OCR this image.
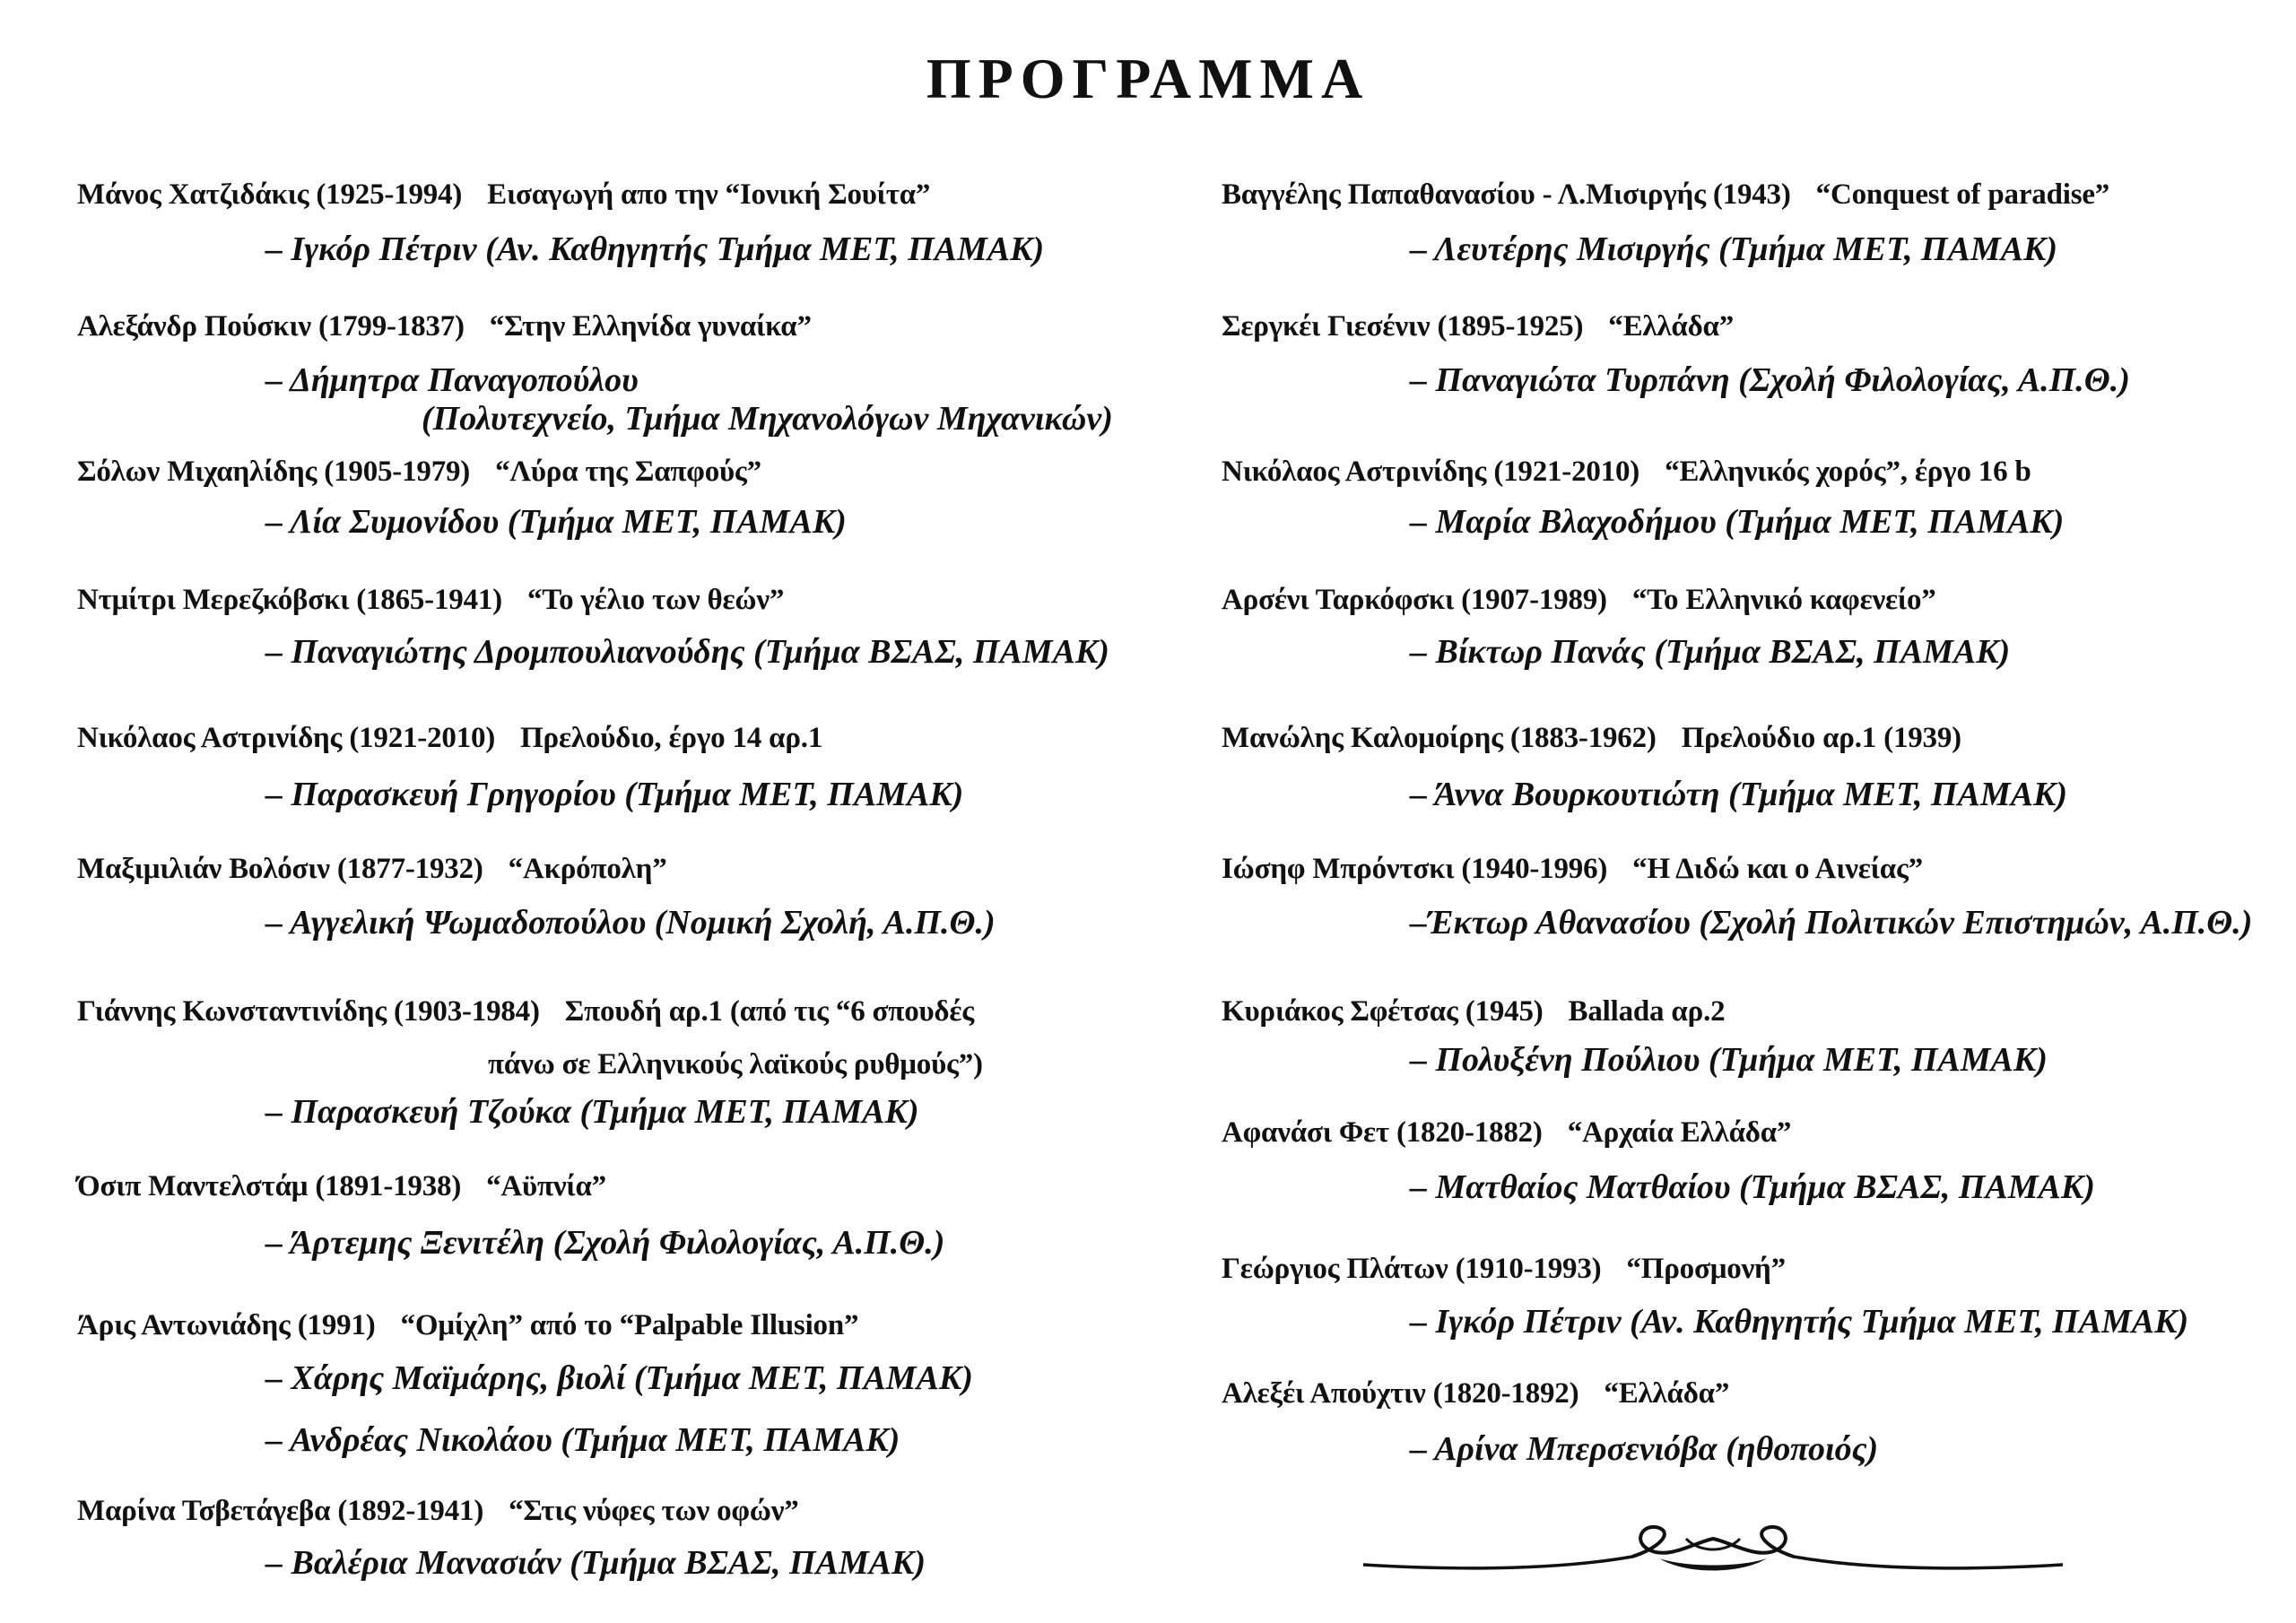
ΠΡΟΓΡΑΜΜΑ
Μάνος Χατζιδάκις (1925-1994) Εισαγωγή απο την “Ιονική Σουίτα”
– Ιγκόρ Πέτριν (Αν. Καθηγητής Τμήμα ΜΕΤ, ΠΑΜΑΚ)
Αλεξάνδρ Πούσκιν (1799-1837) “Στην Ελληνίδα γυναίκα”
– Δήμητρα Παναγοπούλου
(Πολυτεχνείο, Τμήμα Μηχανολόγων Μηχανικών)
Σόλων Μιχαηλίδης (1905-1979) “Λύρα της Σαπφούς”
– Λία Συμονίδου (Τμήμα ΜΕΤ, ΠΑΜΑΚ)
Ντμίτρι Μερεζκόβσκι (1865-1941) “Το γέλιο των θεών”
– Παναγιώτης Δρομπουλιανούδης (Τμήμα ΒΣΑΣ, ΠΑΜΑΚ)
Νικόλαος Αστρινίδης (1921-2010) Πρελούδιο, έργο 14 αρ.1
– Παρασκευή Γρηγορίου (Τμήμα ΜΕΤ, ΠΑΜΑΚ)
Μαξιμιλιάν Βολόσιν (1877-1932) “Ακρόπολη”
– Αγγελική Ψωμαδοπούλου (Νομική Σχολή, Α.Π.Θ.)
Γιάννης Κωνσταντινίδης (1903-1984) Σπουδή αρ.1 (από τις “6 σπουδές
πάνω σε Ελληνικούς λαϊκούς ρυθμούς”)
– Παρασκευή Τζούκα (Τμήμα ΜΕΤ, ΠΑΜΑΚ)
Όσιπ Μαντελστάμ (1891-1938) “Αϋπνία”
– Άρτεμης Ξενιτέλη (Σχολή Φιλολογίας, Α.Π.Θ.)
Άρις Αντωνιάδης (1991) “Ομίχλη” από το “Palpable Illusion”
– Χάρης Μαϊμάρης, βιολί (Τμήμα ΜΕΤ, ΠΑΜΑΚ)
– Ανδρέας Νικολάου (Τμήμα ΜΕΤ, ΠΑΜΑΚ)
Μαρίνα Τσβετάγεβα (1892-1941) “Στις νύφες των οφών”
– Βαλέρια Μανασιάν (Τμήμα ΒΣΑΣ, ΠΑΜΑΚ)
Βαγγέλης Παπαθανασίου - Λ.Μισιργής (1943) “Conquest of paradise”
– Λευτέρης Μισιργής (Τμήμα ΜΕΤ, ΠΑΜΑΚ)
Σεργκέι Γιεσένιν (1895-1925) “Ελλάδα”
– Παναγιώτα Τυρπάνη (Σχολή Φιλολογίας, Α.Π.Θ.)
Νικόλαος Αστρινίδης (1921-2010) “Ελληνικός χορός”, έργο 16 b
– Μαρία Βλαχοδήμου (Τμήμα ΜΕΤ, ΠΑΜΑΚ)
Αρσένι Ταρκόφσκι (1907-1989) “Το Ελληνικό καφενείο”
– Βίκτωρ Πανάς (Τμήμα ΒΣΑΣ, ΠΑΜΑΚ)
Μανώλης Καλομοίρης (1883-1962) Πρελούδιο αρ.1 (1939)
– Άννα Βουρκουτιώτη (Τμήμα ΜΕΤ, ΠΑΜΑΚ)
Ιώσηφ Μπρόντσκι (1940-1996) “Η Διδώ και ο Αινείας”
–Έκτωρ Αθανασίου (Σχολή Πολιτικών Επιστημών, Α.Π.Θ.)
Κυριάκος Σφέτσας (1945) Ballada αρ.2
– Πολυξένη Πούλιου (Τμήμα ΜΕΤ, ΠΑΜΑΚ)
Αφανάσι Φετ (1820-1882) “Αρχαία Ελλάδα”
– Ματθαίος Ματθαίου (Τμήμα ΒΣΑΣ, ΠΑΜΑΚ)
Γεώργιος Πλάτων (1910-1993) “Προσμονή”
– Ιγκόρ Πέτριν (Αν. Καθηγητής Τμήμα ΜΕΤ, ΠΑΜΑΚ)
Αλεξέι Απούχτιν (1820-1892) “Ελλάδα”
– Αρίνα Μπερσενιόβα (ηθοποιός)
